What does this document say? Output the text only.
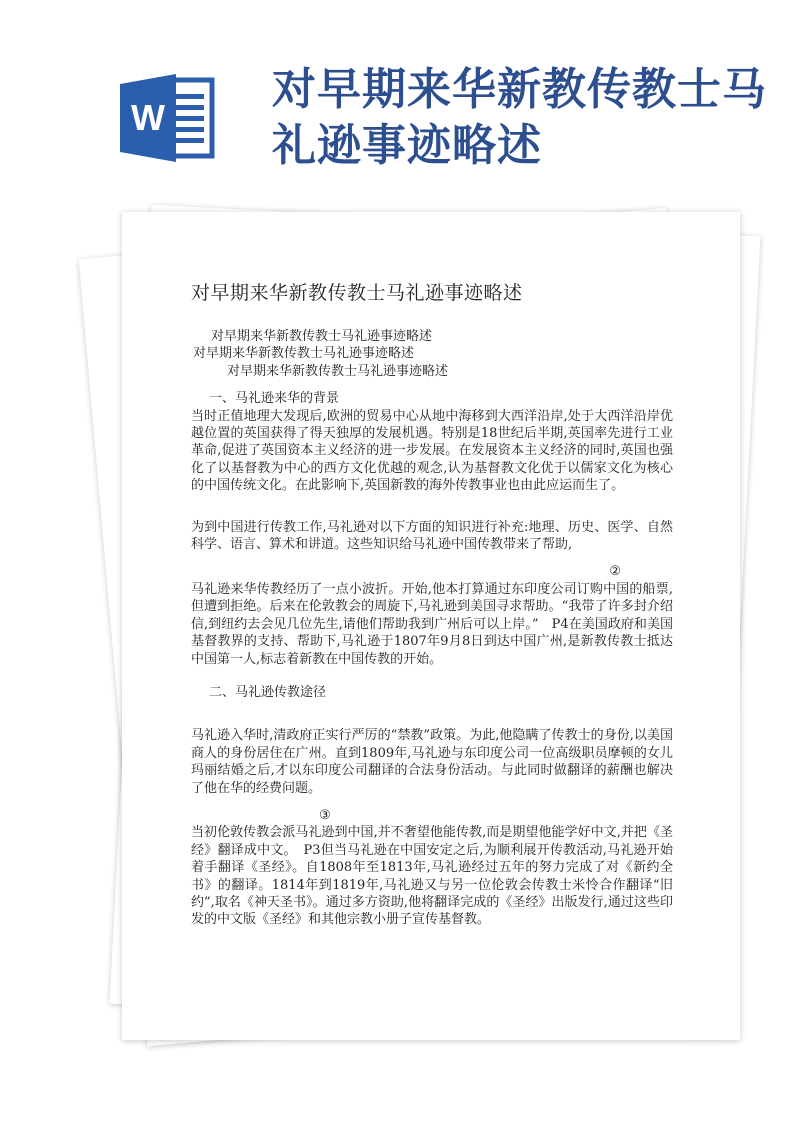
W
对早期来华新教传教士马礼逊事迹略述
对早期来华新教传教士马礼逊事迹略述

对早期来华新教传教士马礼逊事迹略述

对早期来华新教传教士马礼逊事迹略述

对早期来华新教传教士马礼逊事迹略述

一、马礼逊来华的背景

当时正值地理大发现后,欧洲的贸易中心从地中海移到大西洋沿岸,处于大西洋沿岸优越位置的英国获得了得天独厚的发展机遇。特别是18世纪后半期,英国率先进行工业革命,促进了英国资本主义经济的进一步发展。在发展资本主义经济的同时,英国也强化了以基督教为中心的西方文化优越的观念,认为基督教文化优于以儒家文化为核心的中国传统文化。在此影响下,英国新教的海外传教事业也由此应运而生了。

为到中国进行传教工作,马礼逊对以下方面的知识进行补充:地理、历史、医学、自然科学、语言、算术和讲道。这些知识给马礼逊中国传教带来了帮助,

②

马礼逊来华传教经历了一点小波折。开始,他本打算通过东印度公司订购中国的船票,但遭到拒绝。后来在伦敦教会的周旋下,马礼逊到美国寻求帮助。“我带了许多封介绍信,到纽约去会见几位先生,请他们帮助我到广州后可以上岸。”　P4在美国政府和美国基督教界的支持、帮助下,马礼逊于1807年9月8日到达中国广州,是新教传教士抵达中国第一人,标志着新教在中国传教的开始。

二、马礼逊传教途径

马礼逊入华时,清政府正实行严厉的“禁教”政策。为此,他隐瞒了传教士的身份,以美国商人的身份居住在广州。直到1809年,马礼逊与东印度公司一位高级职员摩顿的女儿玛丽结婚之后,才以东印度公司翻译的合法身份活动。与此同时做翻译的薪酬也解决了他在华的经费问题。

③

当初伦敦传教会派马礼逊到中国,并不奢望他能传教,而是期望他能学好中文,并把《圣经》翻译成中文。　P3但当马礼逊在中国安定之后,为顺利展开传教活动,马礼逊开始着手翻译《圣经》。自1808年至1813年,马礼逊经过五年的努力完成了对《新约全书》的翻译。1814年到1819年,马礼逊又与另一位伦敦会传教士米怜合作翻译“旧约”,取名《神天圣书》。通过多方资助,他将翻译完成的《圣经》出版发行,通过这些印发的中文版《圣经》和其他宗教小册子宣传基督教。
